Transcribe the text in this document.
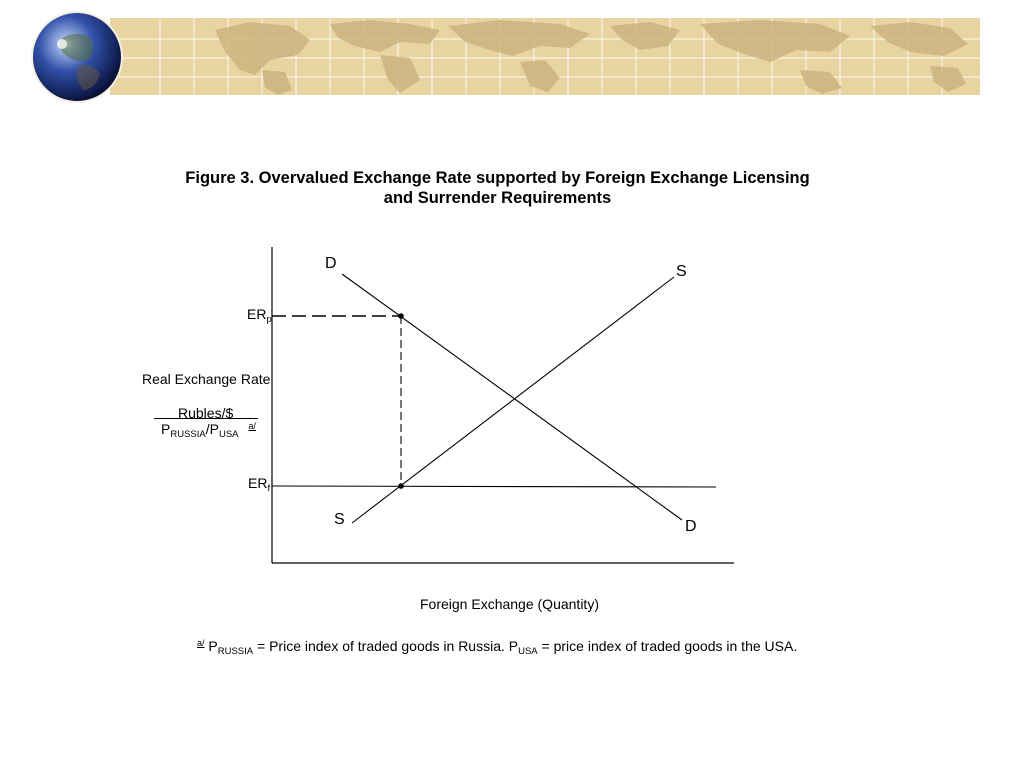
Figure 3. Overvalued Exchange Rate supported by Foreign Exchange Licensing
and Surrender Requirements
D	S
S	D
$ER_p$
$ER_f$
Real Exchange Rate
Rubles/$
$P_{RUSSIA}/P_{USA}$ $^{a/}$
Foreign Exchange (Quantity)
$^{a/}$ $P_{RUSSIA}$ = Price index of traded goods in Russia. $P_{USA}$ = price index of traded goods in the USA.
